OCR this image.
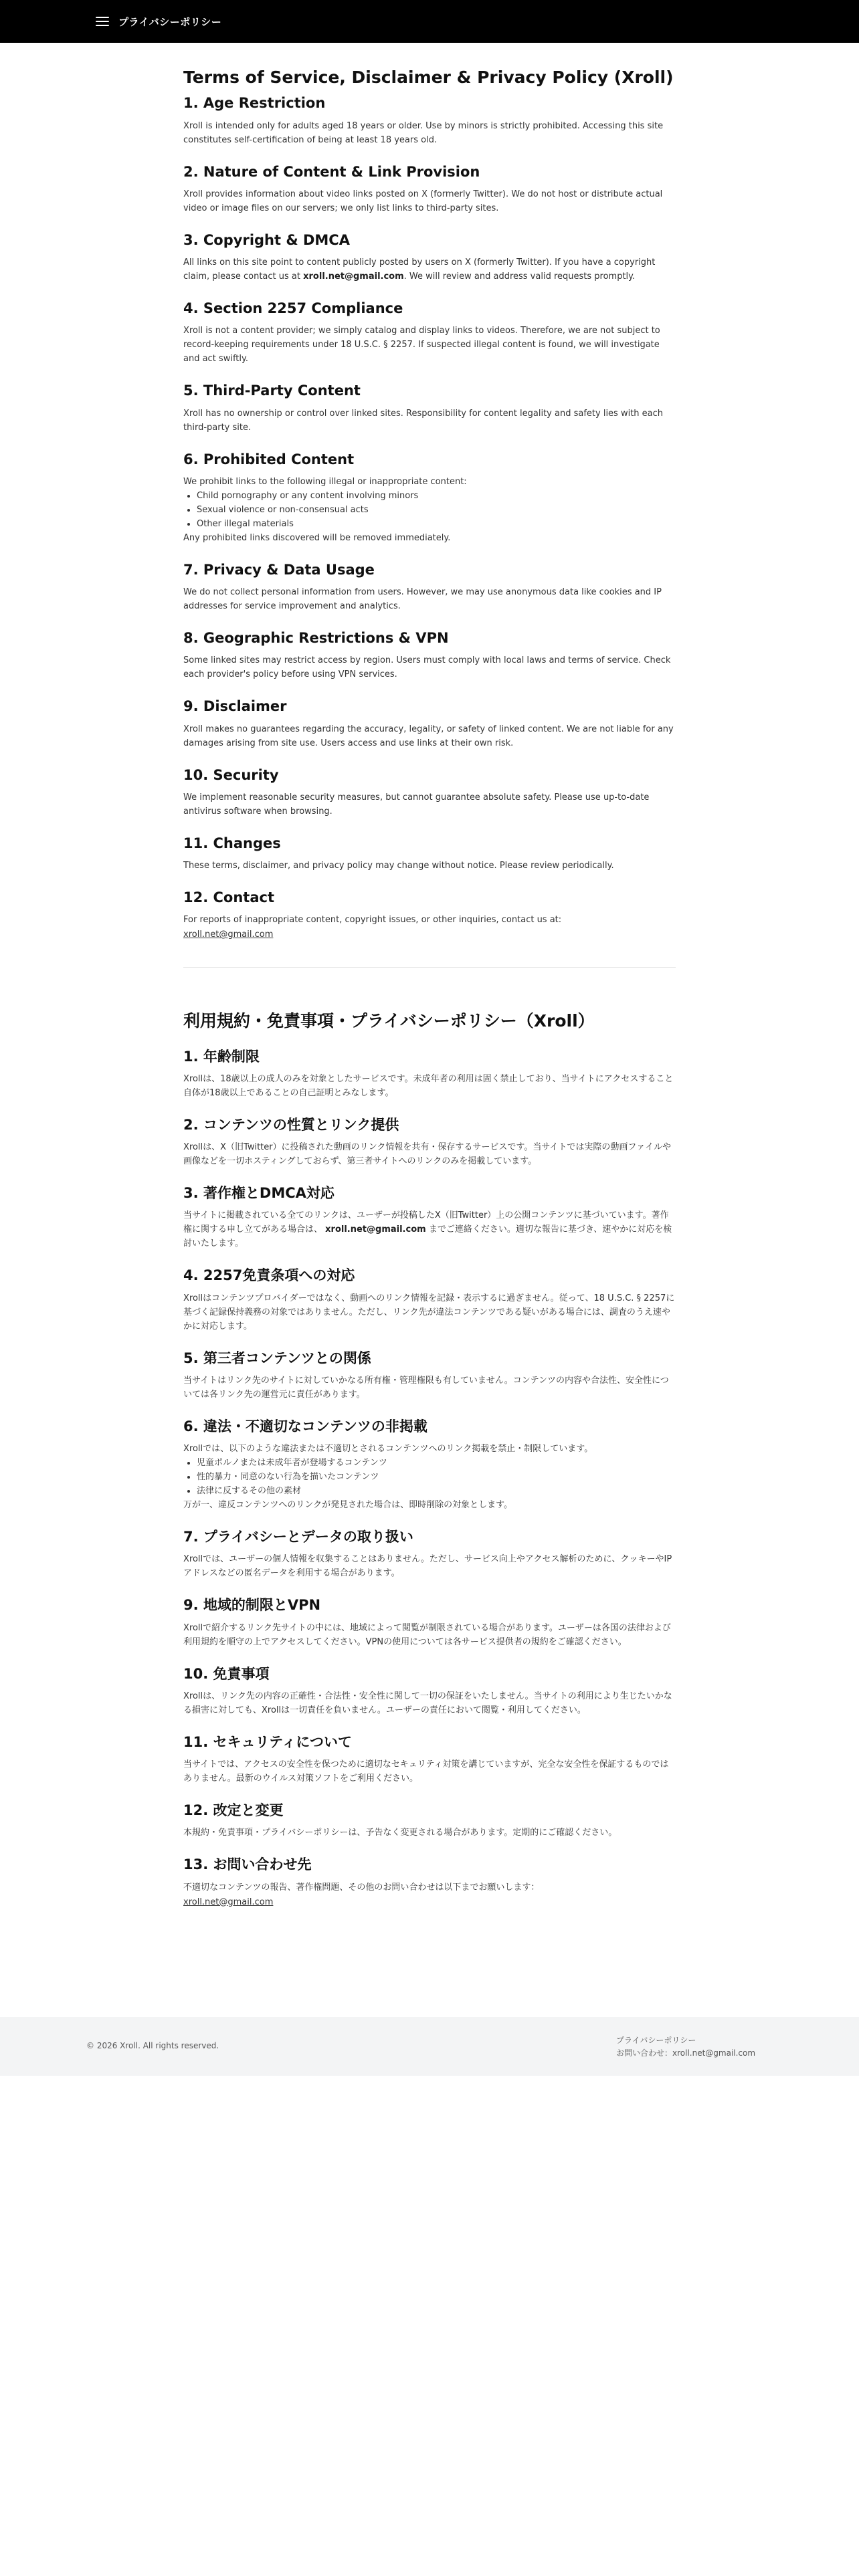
プライバシーポリシー
Terms of Service, Disclaimer & Privacy Policy (Xroll)
1. Age Restriction

Xroll is intended only for adults aged 18 years or older. Use by minors is strictly prohibited. Accessing this site constitutes self-certification of being at least 18 years old.

2. Nature of Content & Link Provision

Xroll provides information about video links posted on X (formerly Twitter). We do not host or distribute actual video or image files on our servers; we only list links to third-party sites.

3. Copyright & DMCA

All links on this site point to content publicly posted by users on X (formerly Twitter). If you have a copyright claim, please contact us at xroll.net@gmail.com. We will review and address valid requests promptly.

4. Section 2257 Compliance

Xroll is not a content provider; we simply catalog and display links to videos. Therefore, we are not subject to record-keeping requirements under 18 U.S.C. § 2257. If suspected illegal content is found, we will investigate and act swiftly.

5. Third-Party Content

Xroll has no ownership or control over linked sites. Responsibility for content legality and safety lies with each third-party site.

6. Prohibited Content

We prohibit links to the following illegal or inappropriate content:

• Child pornography or any content involving minors
• Sexual violence or non-consensual acts
• Other illegal materials

Any prohibited links discovered will be removed immediately.

7. Privacy & Data Usage

We do not collect personal information from users. However, we may use anonymous data like cookies and IP addresses for service improvement and analytics.

8. Geographic Restrictions & VPN

Some linked sites may restrict access by region. Users must comply with local laws and terms of service. Check each provider's policy before using VPN services.

9. Disclaimer

Xroll makes no guarantees regarding the accuracy, legality, or safety of linked content. We are not liable for any damages arising from site use. Users access and use links at their own risk.

10. Security

We implement reasonable security measures, but cannot guarantee absolute safety. Please use up-to-date antivirus software when browsing.

11. Changes

These terms, disclaimer, and privacy policy may change without notice. Please review periodically.

12. Contact

For reports of inappropriate content, copyright issues, or other inquiries, contact us at:

xroll.net@gmail.com
利用規約・免責事項・プライバシーポリシー（Xroll）
1. 年齢制限

Xrollは、18歳以上の成人のみを対象としたサービスです。未成年者の利用は固く禁止しており、当サイトにアクセスすること自体が18歳以上であることの自己証明とみなします。

2. コンテンツの性質とリンク提供

Xrollは、X（旧Twitter）に投稿された動画のリンク情報を共有・保存するサービスです。当サイトでは実際の動画ファイルや画像などを一切ホスティングしておらず、第三者サイトへのリンクのみを掲載しています。

3. 著作権とDMCA対応

当サイトに掲載されている全てのリンクは、ユーザーが投稿したX（旧Twitter）上の公開コンテンツに基づいています。著作権に関する申し立てがある場合は、 xroll.net@gmail.com までご連絡ください。適切な報告に基づき、速やかに対応を検討いたします。

4. 2257免責条項への対応

Xrollはコンテンツプロバイダーではなく、動画へのリンク情報を記録・表示するに過ぎません。従って、18 U.S.C. § 2257に基づく記録保持義務の対象ではありません。ただし、リンク先が違法コンテンツである疑いがある場合には、調査のうえ速やかに対応します。

5. 第三者コンテンツとの関係

当サイトはリンク先のサイトに対していかなる所有権・管理権限も有していません。コンテンツの内容や合法性、安全性については各リンク先の運営元に責任があります。

6. 違法・不適切なコンテンツの非掲載

Xrollでは、以下のような違法または不適切とされるコンテンツへのリンク掲載を禁止・制限しています。

• 児童ポルノまたは未成年者が登場するコンテンツ
• 性的暴力・同意のない行為を描いたコンテンツ
• 法律に反するその他の素材

万が一、違反コンテンツへのリンクが発見された場合は、即時削除の対象とします。

7. プライバシーとデータの取り扱い

Xrollでは、ユーザーの個人情報を収集することはありません。ただし、サービス向上やアクセス解析のために、クッキーやIPアドレスなどの匿名データを利用する場合があります。

9. 地域的制限とVPN

Xrollで紹介するリンク先サイトの中には、地域によって閲覧が制限されている場合があります。ユーザーは各国の法律および利用規約を順守の上でアクセスしてください。VPNの使用については各サービス提供者の規約をご確認ください。

10. 免責事項

Xrollは、リンク先の内容の正確性・合法性・安全性に関して一切の保証をいたしません。当サイトの利用により生じたいかなる損害に対しても、Xrollは一切責任を負いません。ユーザーの責任において閲覧・利用してください。

11. セキュリティについて

当サイトでは、アクセスの安全性を保つために適切なセキュリティ対策を講じていますが、完全な安全性を保証するものではありません。最新のウイルス対策ソフトをご利用ください。

12. 改定と変更

本規約・免責事項・プライバシーポリシーは、予告なく変更される場合があります。定期的にご確認ください。

13. お問い合わせ先

不適切なコンテンツの報告、著作権問題、その他のお問い合わせは以下までお願いします：

xroll.net@gmail.com
© 2026 Xroll. All rights reserved.
プライバシーポリシー
お問い合わせ：xroll.net@gmail.com
